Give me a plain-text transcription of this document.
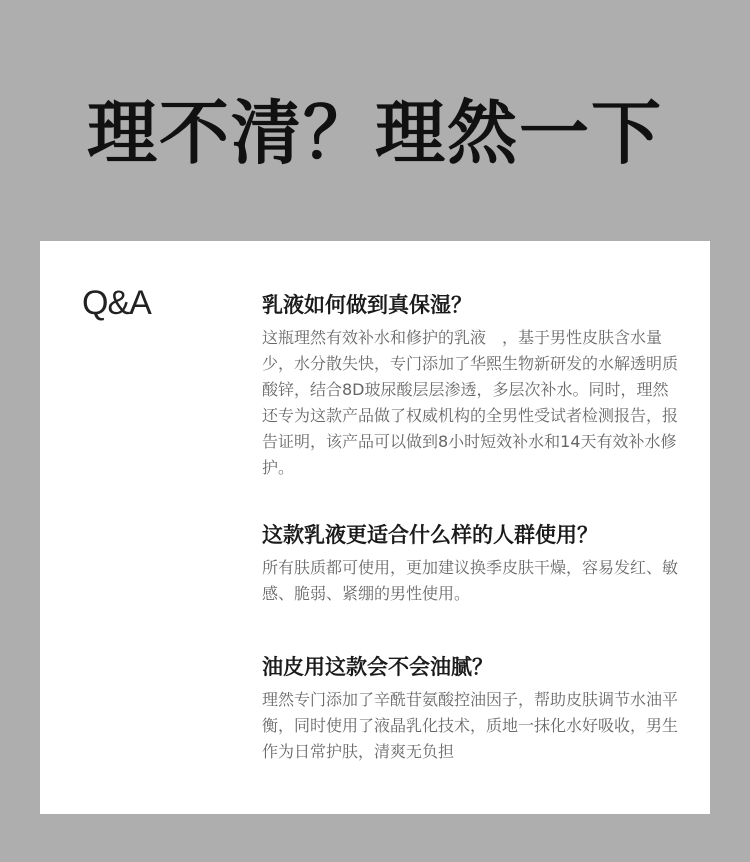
理不清？理然一下
Q&A	乳液如何做到真保湿？
这瓶理然有效补水和修护的乳液　，基于男性皮肤含水量少，水分散失快，专门添加了华熙生物新研发的水解透明质酸锌，结合8D玻尿酸层层渗透，多层次补水。同时，理然还专为这款产品做了权威机构的全男性受试者检测报告，报告证明，该产品可以做到8小时短效补水和14天有效补水修护。
这款乳液更适合什么样的人群使用？
所有肤质都可使用，更加建议换季皮肤干燥，容易发红、敏感、脆弱、紧绷的男性使用。
油皮用这款会不会油腻？
理然专门添加了辛酰苷氨酸控油因子，帮助皮肤调节水油平衡，同时使用了液晶乳化技术，质地一抹化水好吸收，男生作为日常护肤，清爽无负担
